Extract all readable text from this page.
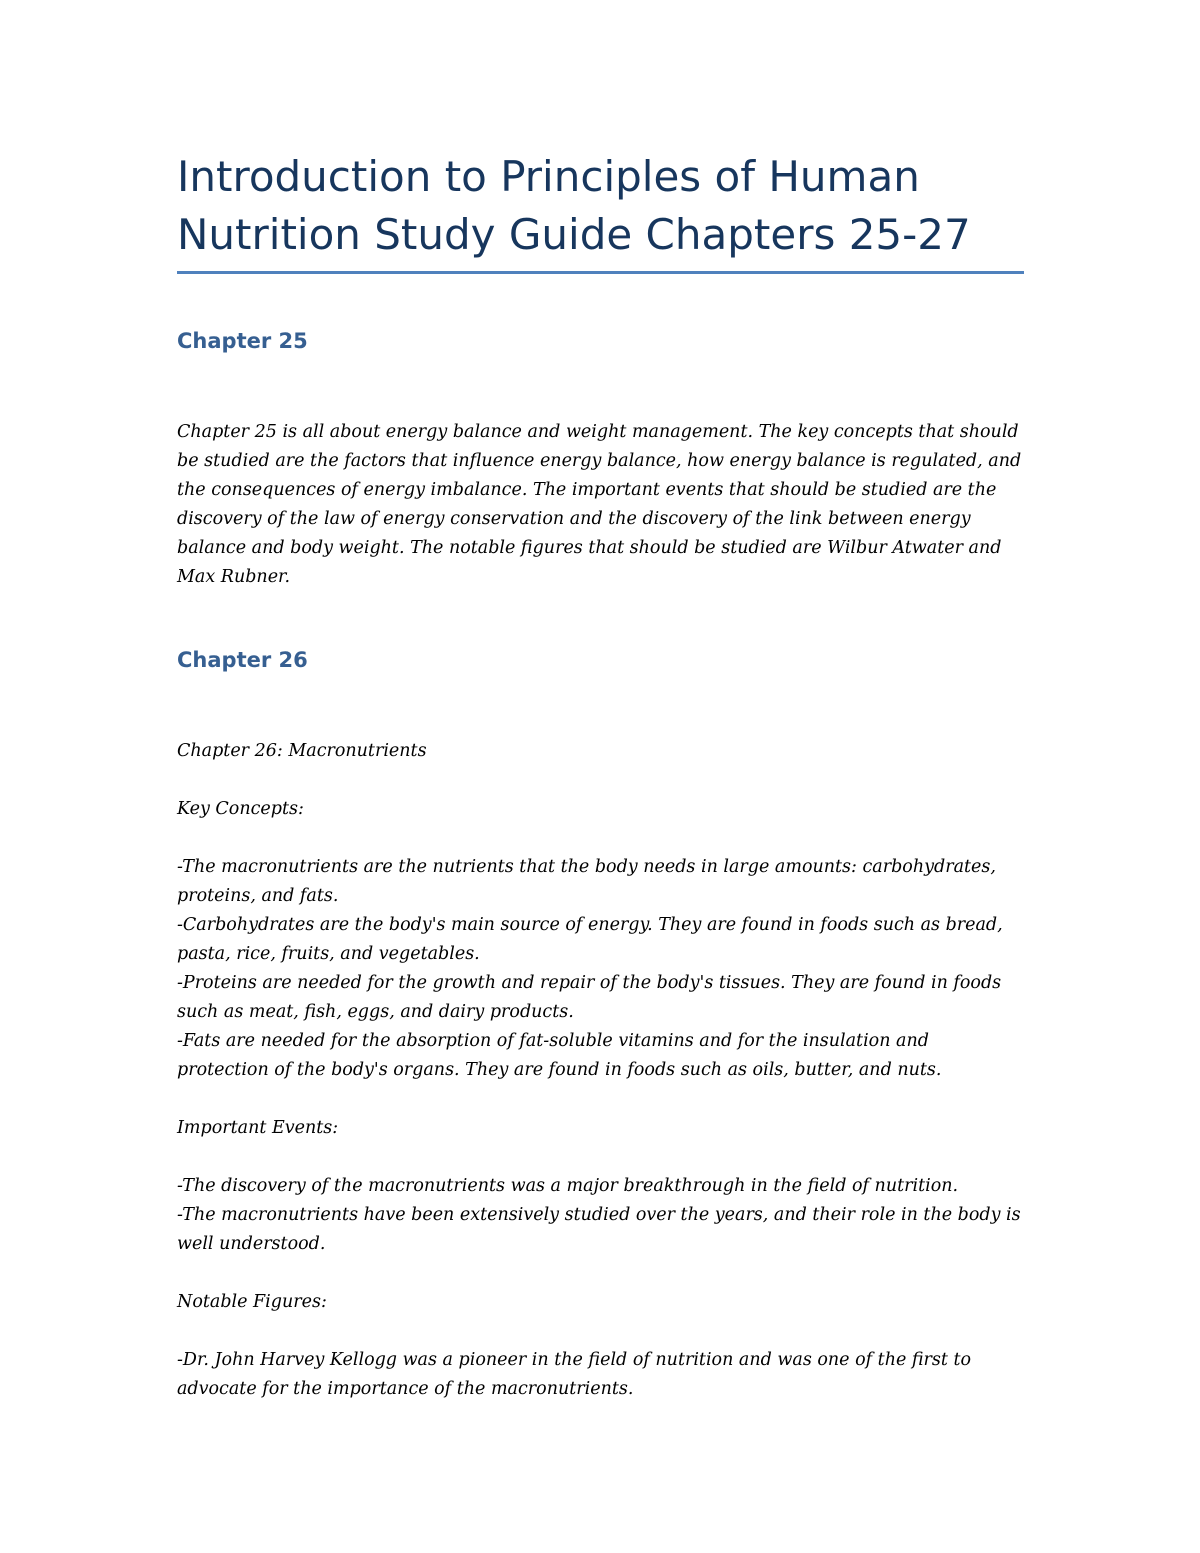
Introduction to Principles of Human
Nutrition Study Guide Chapters 25-27
Chapter 25

Chapter 25 is all about energy balance and weight management. The key concepts that should
be studied are the factors that influence energy balance, how energy balance is regulated, and
the consequences of energy imbalance. The important events that should be studied are the
discovery of the law of energy conservation and the discovery of the link between energy
balance and body weight. The notable figures that should be studied are Wilbur Atwater and
Max Rubner.

Chapter 26

Chapter 26: Macronutrients

Key Concepts:

-The macronutrients are the nutrients that the body needs in large amounts: carbohydrates,
proteins, and fats.
-Carbohydrates are the body's main source of energy. They are found in foods such as bread,
pasta, rice, fruits, and vegetables.
-Proteins are needed for the growth and repair of the body's tissues. They are found in foods
such as meat, fish, eggs, and dairy products.
-Fats are needed for the absorption of fat-soluble vitamins and for the insulation and
protection of the body's organs. They are found in foods such as oils, butter, and nuts.

Important Events:

-The discovery of the macronutrients was a major breakthrough in the field of nutrition.
-The macronutrients have been extensively studied over the years, and their role in the body is
well understood.

Notable Figures:

-Dr. John Harvey Kellogg was a pioneer in the field of nutrition and was one of the first to
advocate for the importance of the macronutrients.
